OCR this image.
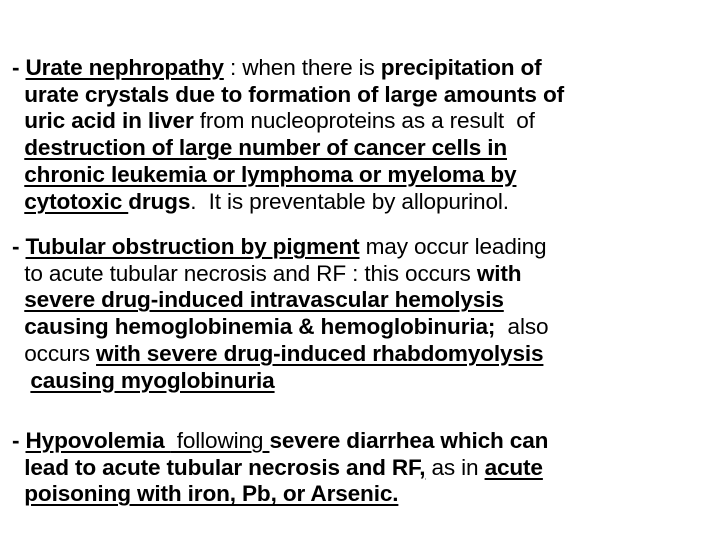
- Urate nephropathy : when there is precipitation of
urate crystals due to formation of large amounts of
uric acid in liver from nucleoproteins as a result  of
destruction of large number of cancer cells in
chronic leukemia or lymphoma or myeloma by
cytotoxic drugs.  It is preventable by allopurinol.
- Tubular obstruction by pigment may occur leading
to acute tubular necrosis and RF : this occurs with
severe drug-induced intravascular hemolysis
causing hemoglobinemia & hemoglobinuria;  also
occurs with severe drug-induced rhabdomyolysis
causing myoglobinuria
- Hypovolemia  following severe diarrhea which can
lead to acute tubular necrosis and RF, as in acute
poisoning with iron, Pb, or Arsenic.
